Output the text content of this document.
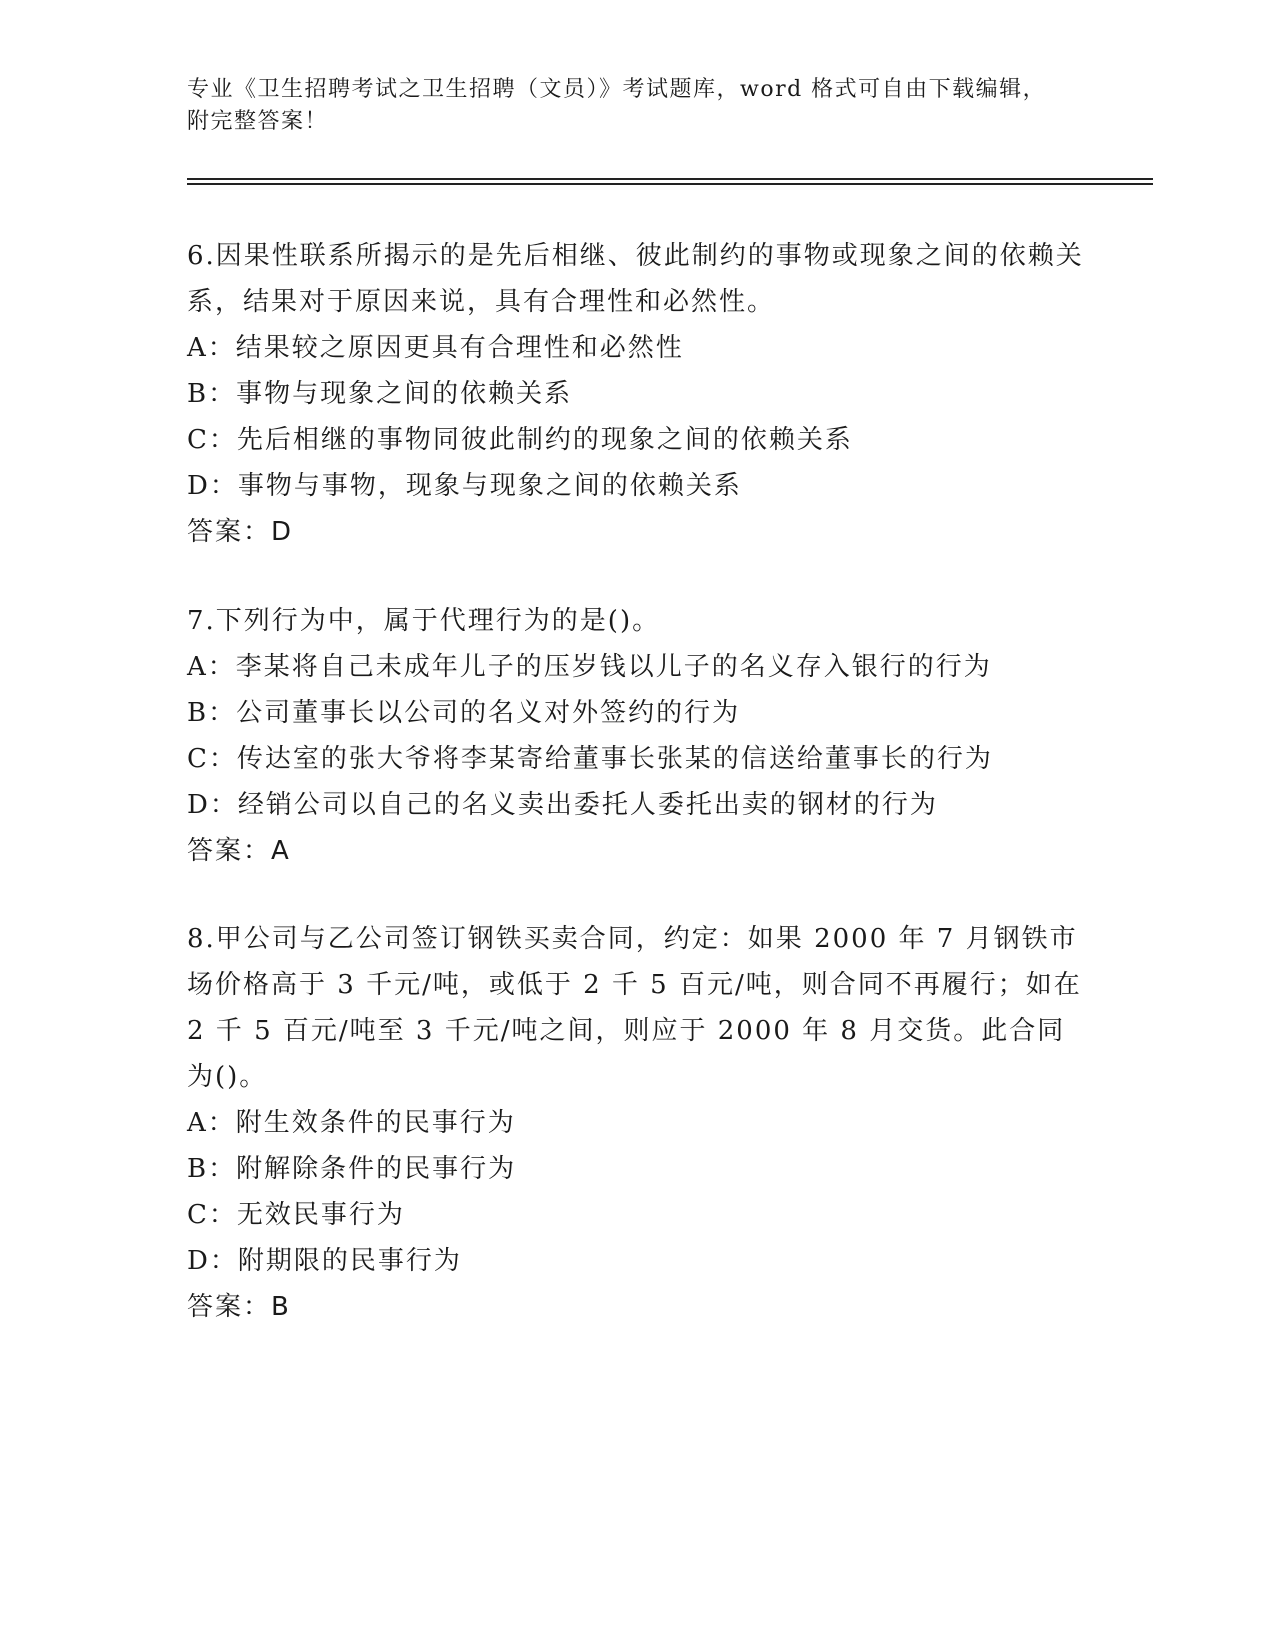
专业《卫生招聘考试之卫生招聘（文员）》考试题库，word 格式可自由下载编辑，附完整答案！
6.因果性联系所揭示的是先后相继、彼此制约的事物或现象之间的依赖关系，结果对于原因来说，具有合理性和必然性。
A：结果较之原因更具有合理性和必然性
B：事物与现象之间的依赖关系
C：先后相继的事物同彼此制约的现象之间的依赖关系
D：事物与事物，现象与现象之间的依赖关系
答案：D
7.下列行为中，属于代理行为的是()。
A：李某将自己未成年儿子的压岁钱以儿子的名义存入银行的行为
B：公司董事长以公司的名义对外签约的行为
C：传达室的张大爷将李某寄给董事长张某的信送给董事长的行为
D：经销公司以自己的名义卖出委托人委托出卖的钢材的行为
答案：A
8.甲公司与乙公司签订钢铁买卖合同，约定：如果 2000 年 7 月钢铁市场价格高于 3 千元/吨，或低于 2 千 5 百元/吨，则合同不再履行；如在 2 千 5 百元/吨至 3 千元/吨之间，则应于 2000 年 8 月交货。此合同为()。
A：附生效条件的民事行为
B：附解除条件的民事行为
C：无效民事行为
D：附期限的民事行为
答案：B
